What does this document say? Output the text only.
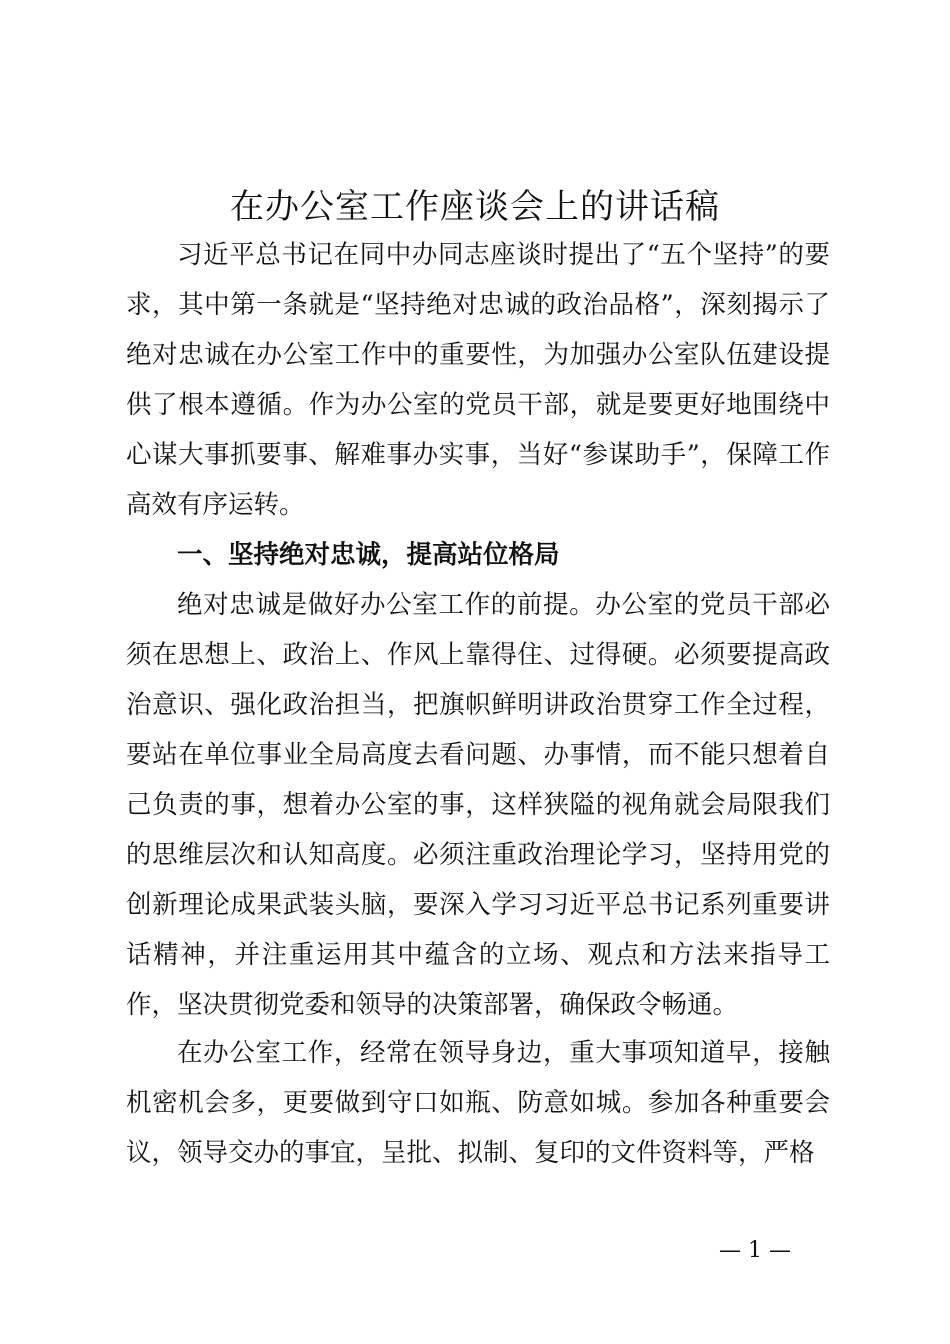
在办公室工作座谈会上的讲话稿

习近平总书记在同中办同志座谈时提出了“五个坚持”的要求，其中第一条就是“坚持绝对忠诚的政治品格”，深刻揭示了绝对忠诚在办公室工作中的重要性，为加强办公室队伍建设提供了根本遵循。作为办公室的党员干部，就是要更好地围绕中心谋大事抓要事、解难事办实事，当好“参谋助手”，保障工作高效有序运转。

一、坚持绝对忠诚，提高站位格局

绝对忠诚是做好办公室工作的前提。办公室的党员干部必须在思想上、政治上、作风上靠得住、过得硬。必须要提高政治意识、强化政治担当，把旗帜鲜明讲政治贯穿工作全过程，要站在单位事业全局高度去看问题、办事情，而不能只想着自己负责的事，想着办公室的事，这样狭隘的视角就会局限我们的思维层次和认知高度。必须注重政治理论学习，坚持用党的创新理论成果武装头脑，要深入学习习近平总书记系列重要讲话精神，并注重运用其中蕴含的立场、观点和方法来指导工作，坚决贯彻党委和领导的决策部署，确保政令畅通。

在办公室工作，经常在领导身边，重大事项知道早，接触机密机会多，更要做到守口如瓶、防意如城。参加各种重要会议，领导交办的事宜，呈批、拟制、复印的文件资料等，严格

— 1 —
